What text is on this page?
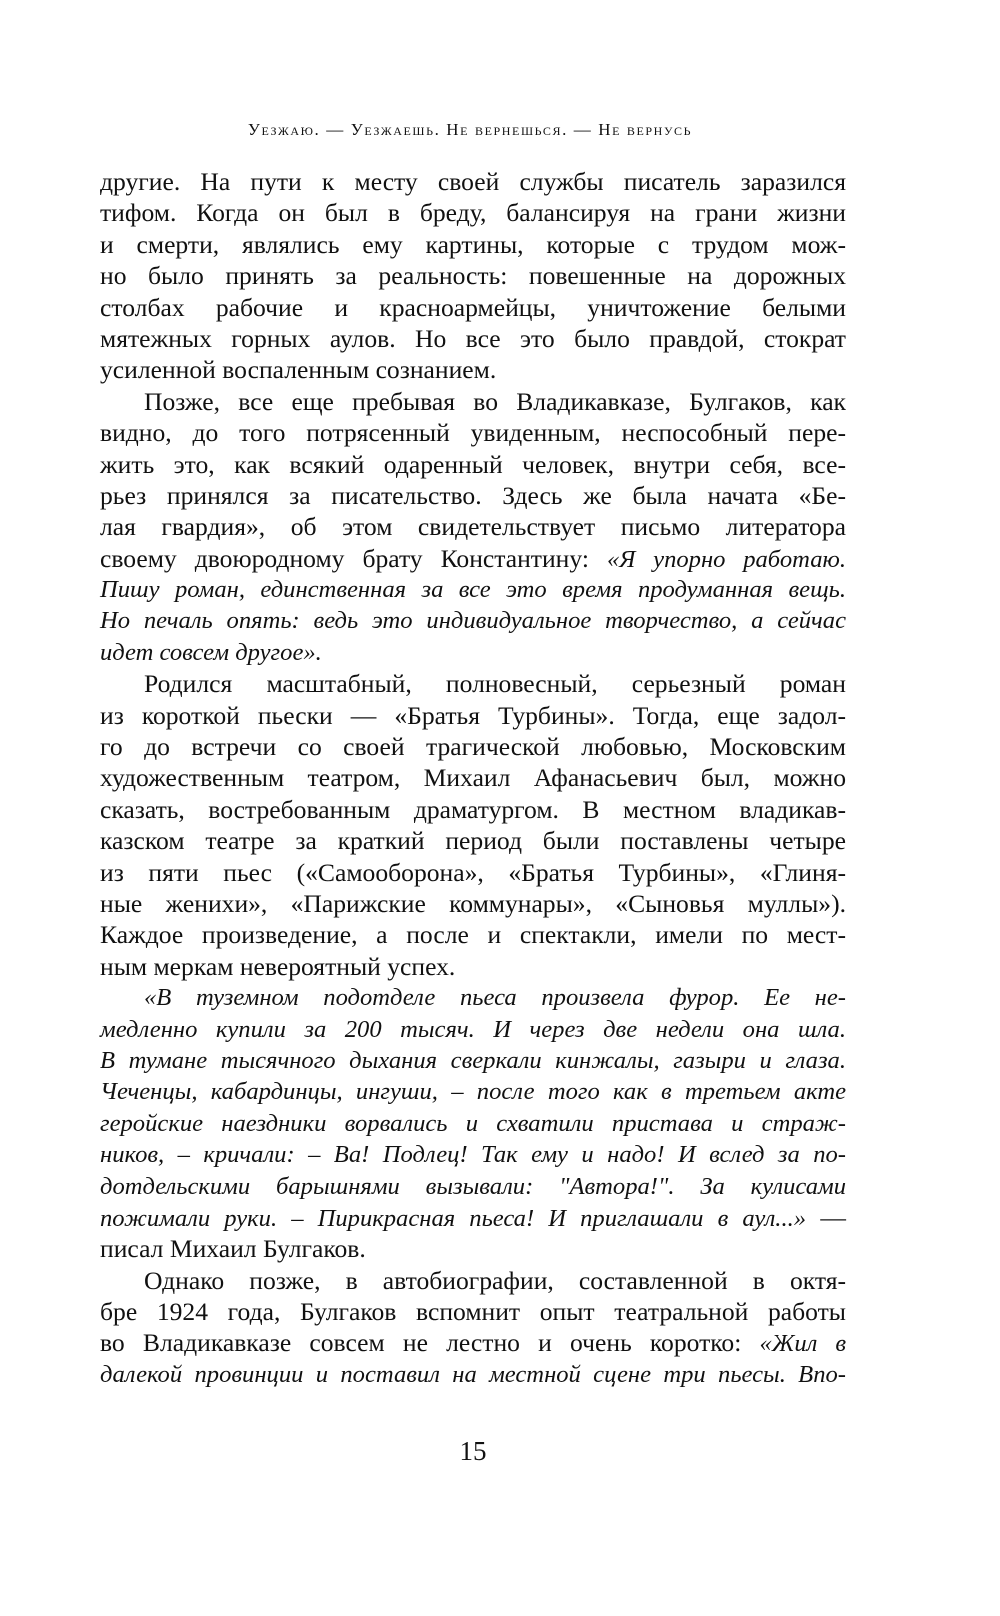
Уезжаю. — Уезжаешь. Не вернешься. — Не вернусь
другие. На пути к месту своей службы писатель заразился
тифом. Когда он был в бреду, балансируя на грани жизни
и смерти, являлись ему картины, которые с трудом мож-
но было принять за реальность: повешенные на дорожных
столбах рабочие и красноармейцы, уничтожение белыми
мятежных горных аулов. Но все это было правдой, стократ
усиленной воспаленным сознанием.
Позже, все еще пребывая во Владикавказе, Булгаков, как
видно, до того потрясенный увиденным, неспособный пере-
жить это, как всякий одаренный человек, внутри себя, все-
рьез принялся за писательство. Здесь же была начата «Бе-
лая гвардия», об этом свидетельствует письмо литератора
своему двоюродному брату Константину: «Я упорно работаю.
Пишу роман, единственная за все это время продуманная вещь.
Но печаль опять: ведь это индивидуальное творчество, а сейчас
идет совсем другое».
Родился масштабный, полновесный, серьезный роман
из короткой пьески — «Братья Турбины». Тогда, еще задол-
го до встречи со своей трагической любовью, Московским
художественным театром, Михаил Афанасьевич был, можно
сказать, востребованным драматургом. В местном владикав-
казском театре за краткий период были поставлены четыре
из пяти пьес («Самооборона», «Братья Турбины», «Глиня-
ные женихи», «Парижские коммунары», «Сыновья муллы»).
Каждое произведение, а после и спектакли, имели по мест-
ным меркам невероятный успех.
«В туземном подотделе пьеса произвела фурор. Ее не-
медленно купили за 200 тысяч. И через две недели она шла.
В тумане тысячного дыхания сверкали кинжалы, газыри и глаза.
Чеченцы, кабардинцы, ингуши, – после того как в третьем акте
геройские наездники ворвались и схватили пристава и страж-
ников, – кричали: – Ва! Подлец! Так ему и надо! И вслед за по-
дотдельскими барышнями вызывали: "Автора!". За кулисами
пожимали руки. – Пирикрасная пьеса! И приглашали в аул...» —
писал Михаил Булгаков.
Однако позже, в автобиографии, составленной в октя-
бре 1924 года, Булгаков вспомнит опыт театральной работы
во Владикавказе совсем не лестно и очень коротко: «Жил в
далекой провинции и поставил на местной сцене три пьесы. Впо-
15
